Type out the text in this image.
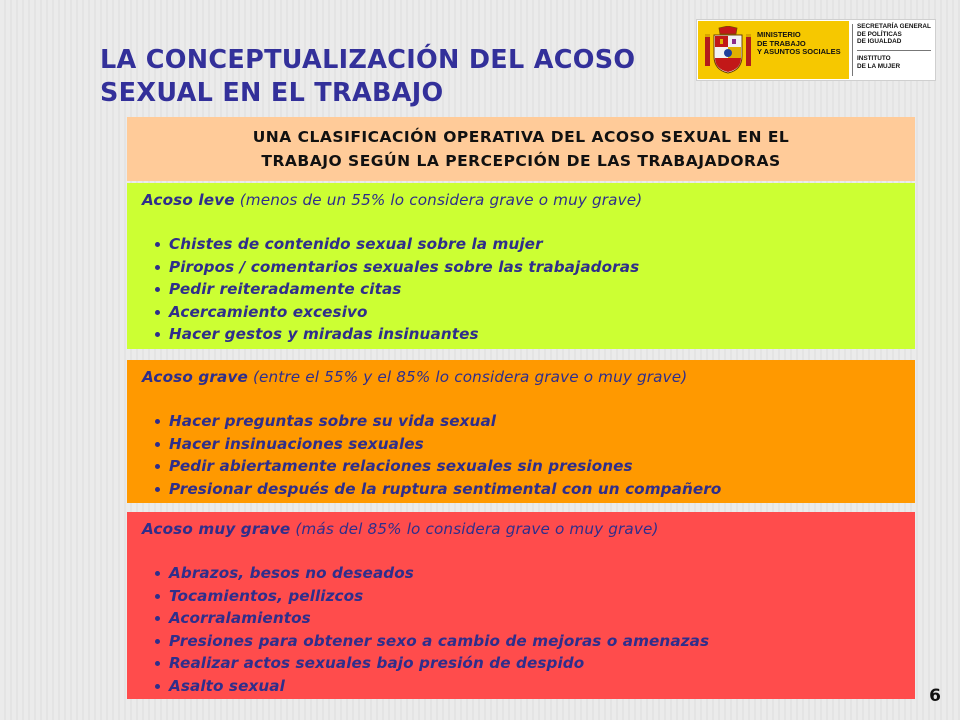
LA CONCEPTUALIZACIÓN DEL ACOSO
SEXUAL EN EL TRABAJO
MINISTERIO
DE TRABAJO
Y ASUNTOS SOCIALES
SECRETARÍA GENERAL
DE POLÍTICAS
DE IGUALDAD
INSTITUTO
DE LA MUJER
UNA CLASIFICACIÓN OPERATIVA DEL ACOSO SEXUAL EN EL
TRABAJO SEGÚN LA PERCEPCIÓN DE LAS TRABAJADORAS
Acoso leve (menos de un 55% lo considera grave o muy grave)
Chistes de contenido sexual sobre la mujer
Piropos / comentarios sexuales sobre las trabajadoras
Pedir reiteradamente citas
Acercamiento excesivo
Hacer gestos y miradas insinuantes
Acoso grave (entre el 55% y el 85% lo considera grave o muy grave)
Hacer preguntas sobre su vida sexual
Hacer insinuaciones sexuales
Pedir abiertamente relaciones sexuales sin presiones
Presionar después de la ruptura sentimental con un compañero
Acoso muy grave (más del 85% lo considera grave o muy grave)
Abrazos, besos no deseados
Tocamientos, pellizcos
Acorralamientos
Presiones para obtener sexo a cambio de mejoras o amenazas
Realizar actos sexuales bajo presión de despido
Asalto sexual
6
